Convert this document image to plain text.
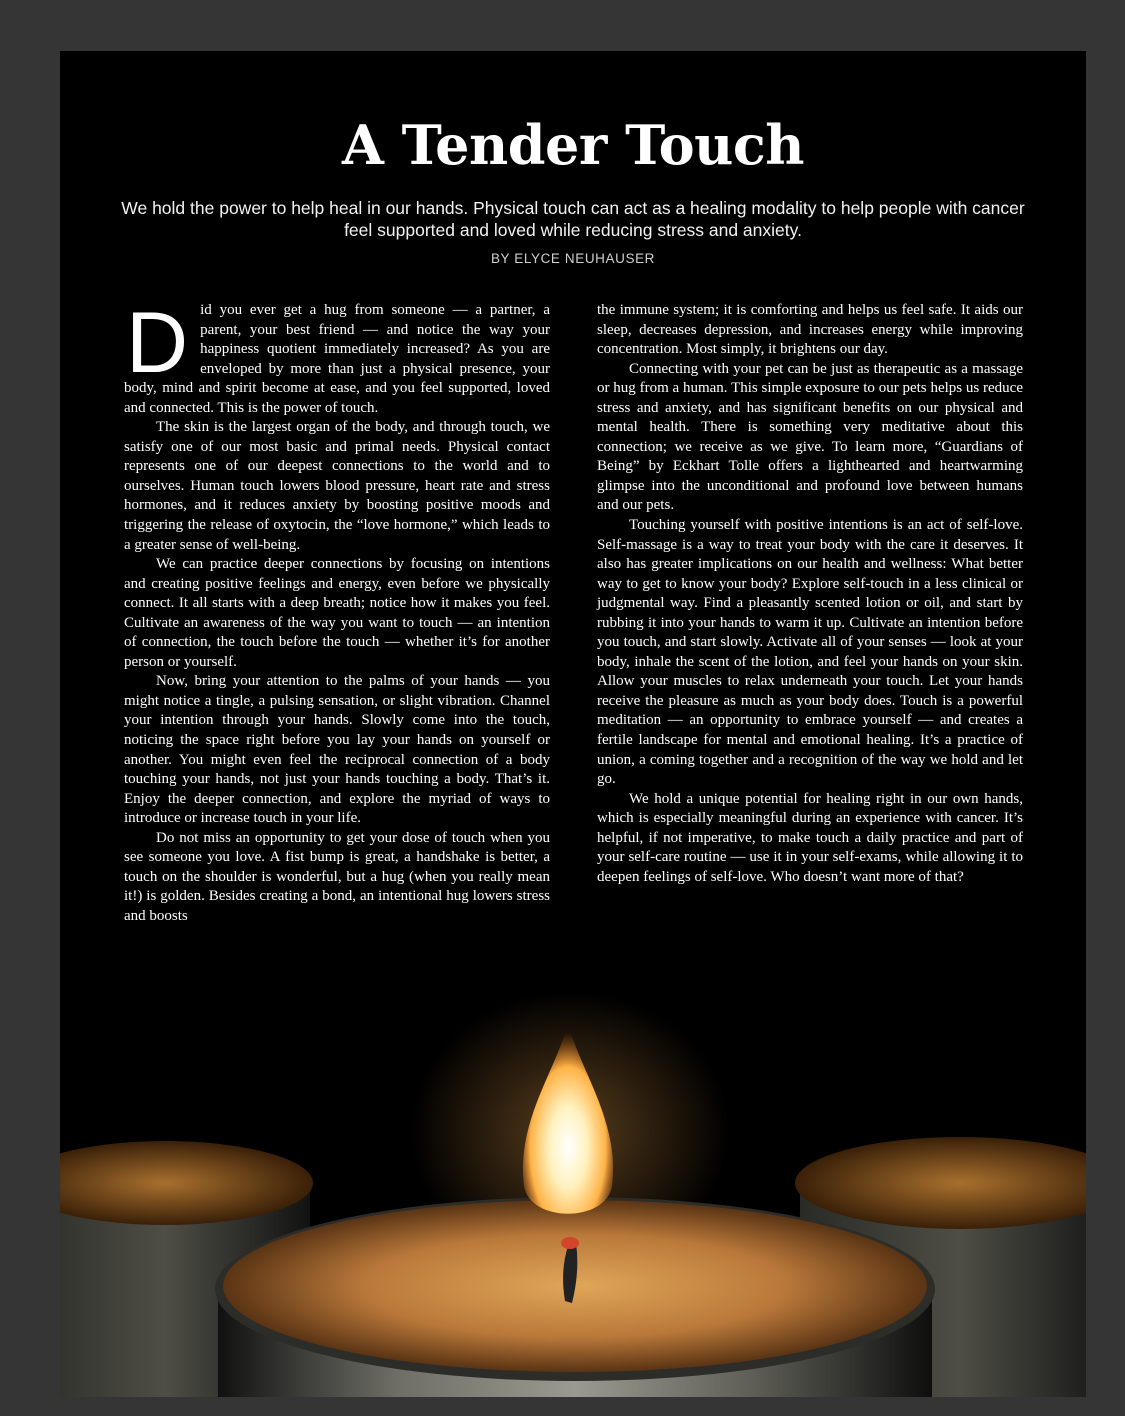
A Tender Touch

We hold the power to help heal in our hands. Physical touch can act as a healing modality to help people with cancer feel supported and loved while reducing stress and anxiety.

BY ELYCE NEUHAUSER

D id you ever get a hug from someone — a partner, a parent, your best friend — and notice the way your happiness quotient immediately increased? As you are enveloped by more than just a physical presence, your body, mind and spirit become at ease, and you feel supported, loved and connected. This is the power of touch.

The skin is the largest organ of the body, and through touch, we satisfy one of our most basic and primal needs. Physical contact represents one of our deepest connections to the world and to ourselves. Human touch lowers blood pressure, heart rate and stress hormones, and it reduces anxiety by boosting positive moods and triggering the release of oxytocin, the “love hormone,” which leads to a greater sense of well-being.

We can practice deeper connections by focusing on intentions and creating positive feelings and energy, even before we physically connect. It all starts with a deep breath; notice how it makes you feel. Cultivate an awareness of the way you want to touch — an intention of connection, the touch before the touch — whether it’s for another person or yourself.

Now, bring your attention to the palms of your hands — you might notice a tingle, a pulsing sensation, or slight vibration. Channel your intention through your hands. Slowly come into the touch, noticing the space right before you lay your hands on yourself or another. You might even feel the reciprocal connection of a body touching your hands, not just your hands touching a body. That’s it. Enjoy the deeper connection, and explore the myriad of ways to introduce or increase touch in your life.

Do not miss an opportunity to get your dose of touch when you see someone you love. A fist bump is great, a handshake is better, a touch on the shoulder is wonderful, but a hug (when you really mean it!) is golden. Besides creating a bond, an intentional hug lowers stress and boosts

the immune system; it is comforting and helps us feel safe. It aids our sleep, decreases depression, and increases energy while improving concentration. Most simply, it brightens our day.

Connecting with your pet can be just as therapeutic as a massage or hug from a human. This simple exposure to our pets helps us reduce stress and anxiety, and has significant benefits on our physical and mental health. There is something very meditative about this connection; we receive as we give. To learn more, “Guardians of Being” by Eckhart Tolle offers a lighthearted and heartwarming glimpse into the unconditional and profound love between humans and our pets.

Touching yourself with positive intentions is an act of self-love. Self-massage is a way to treat your body with the care it deserves. It also has greater implications on our health and wellness: What better way to get to know your body? Explore self-touch in a less clinical or judgmental way. Find a pleasantly scented lotion or oil, and start by rubbing it into your hands to warm it up. Cultivate an intention before you touch, and start slowly. Activate all of your senses — look at your body, inhale the scent of the lotion, and feel your hands on your skin. Allow your muscles to relax underneath your touch. Let your hands receive the pleasure as much as your body does. Touch is a powerful meditation — an opportunity to embrace yourself — and creates a fertile landscape for mental and emotional healing. It’s a practice of union, a coming together and a recognition of the way we hold and let go.

We hold a unique potential for healing right in our own hands, which is especially meaningful during an experience with cancer. It’s helpful, if not imperative, to make touch a daily practice and part of your self-care routine — use it in your self-exams, while allowing it to deepen feelings of self-love. Who doesn’t want more of that?
